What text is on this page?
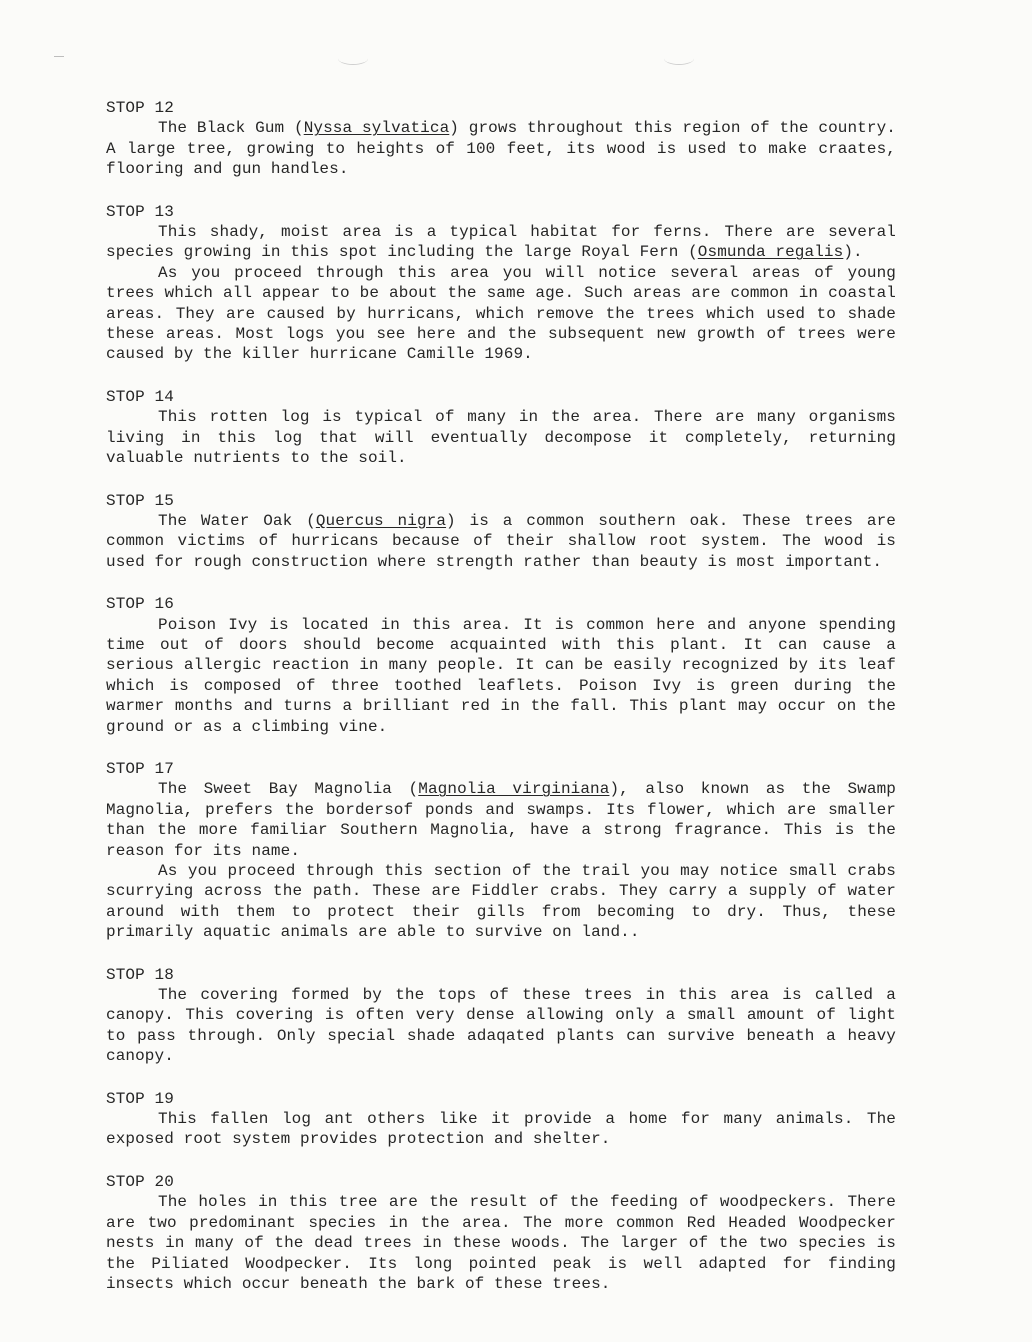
STOP 12

The Black Gum (Nyssa sylvatica) grows throughout this region of the country. A large tree, growing to heights of 100 feet, its wood is used to make craates, flooring and gun handles.

STOP 13

This shady, moist area is a typical habitat for ferns. There are several species growing in this spot including the large Royal Fern (Osmunda regalis).

As you proceed through this area you will notice several areas of young trees which all appear to be about the same age. Such areas are common in coastal areas. They are caused by hurricans, which remove the trees which used to shade these areas. Most logs you see here and the subsequent new growth of trees were caused by the killer hurricane Camille 1969.

STOP 14

This rotten log is typical of many in the area. There are many organisms living in this log that will eventually decompose it completely, returning valuable nutrients to the soil.

STOP 15

The Water Oak (Quercus nigra) is a common southern oak. These trees are common victims of hurricans because of their shallow root system. The wood is used for rough construction where strength rather than beauty is most important.

STOP 16

Poison Ivy is located in this area. It is common here and anyone spending time out of doors should become acquainted with this plant. It can cause a serious allergic reaction in many people. It can be easily recognized by its leaf which is composed of three toothed leaflets. Poison Ivy is green during the warmer months and turns a brilliant red in the fall. This plant may occur on the ground or as a climbing vine.

STOP 17

The Sweet Bay Magnolia (Magnolia virginiana), also known as the Swamp Magnolia, prefers the bordersof ponds and swamps. Its flower, which are smaller than the more familiar Southern Magnolia, have a strong fragrance. This is the reason for its name.

As you proceed through this section of the trail you may notice small crabs scurrying across the path. These are Fiddler crabs. They carry a supply of water around with them to protect their gills from becoming to dry. Thus, these primarily aquatic animals are able to survive on land..

STOP 18

The covering formed by the tops of these trees in this area is called a canopy. This covering is often very dense allowing only a small amount of light to pass through. Only special shade adaqated plants can survive beneath a heavy canopy.

STOP 19

This fallen log ant others like it provide a home for many animals. The exposed root system provides protection and shelter.

STOP 20

The holes in this tree are the result of the feeding of woodpeckers. There are two predominant species in the area. The more common Red Headed Woodpecker nests in many of the dead trees in these woods. The larger of the two species is the Piliated Woodpecker. Its long pointed peak is well adapted for finding insects which occur beneath the bark of these trees.
